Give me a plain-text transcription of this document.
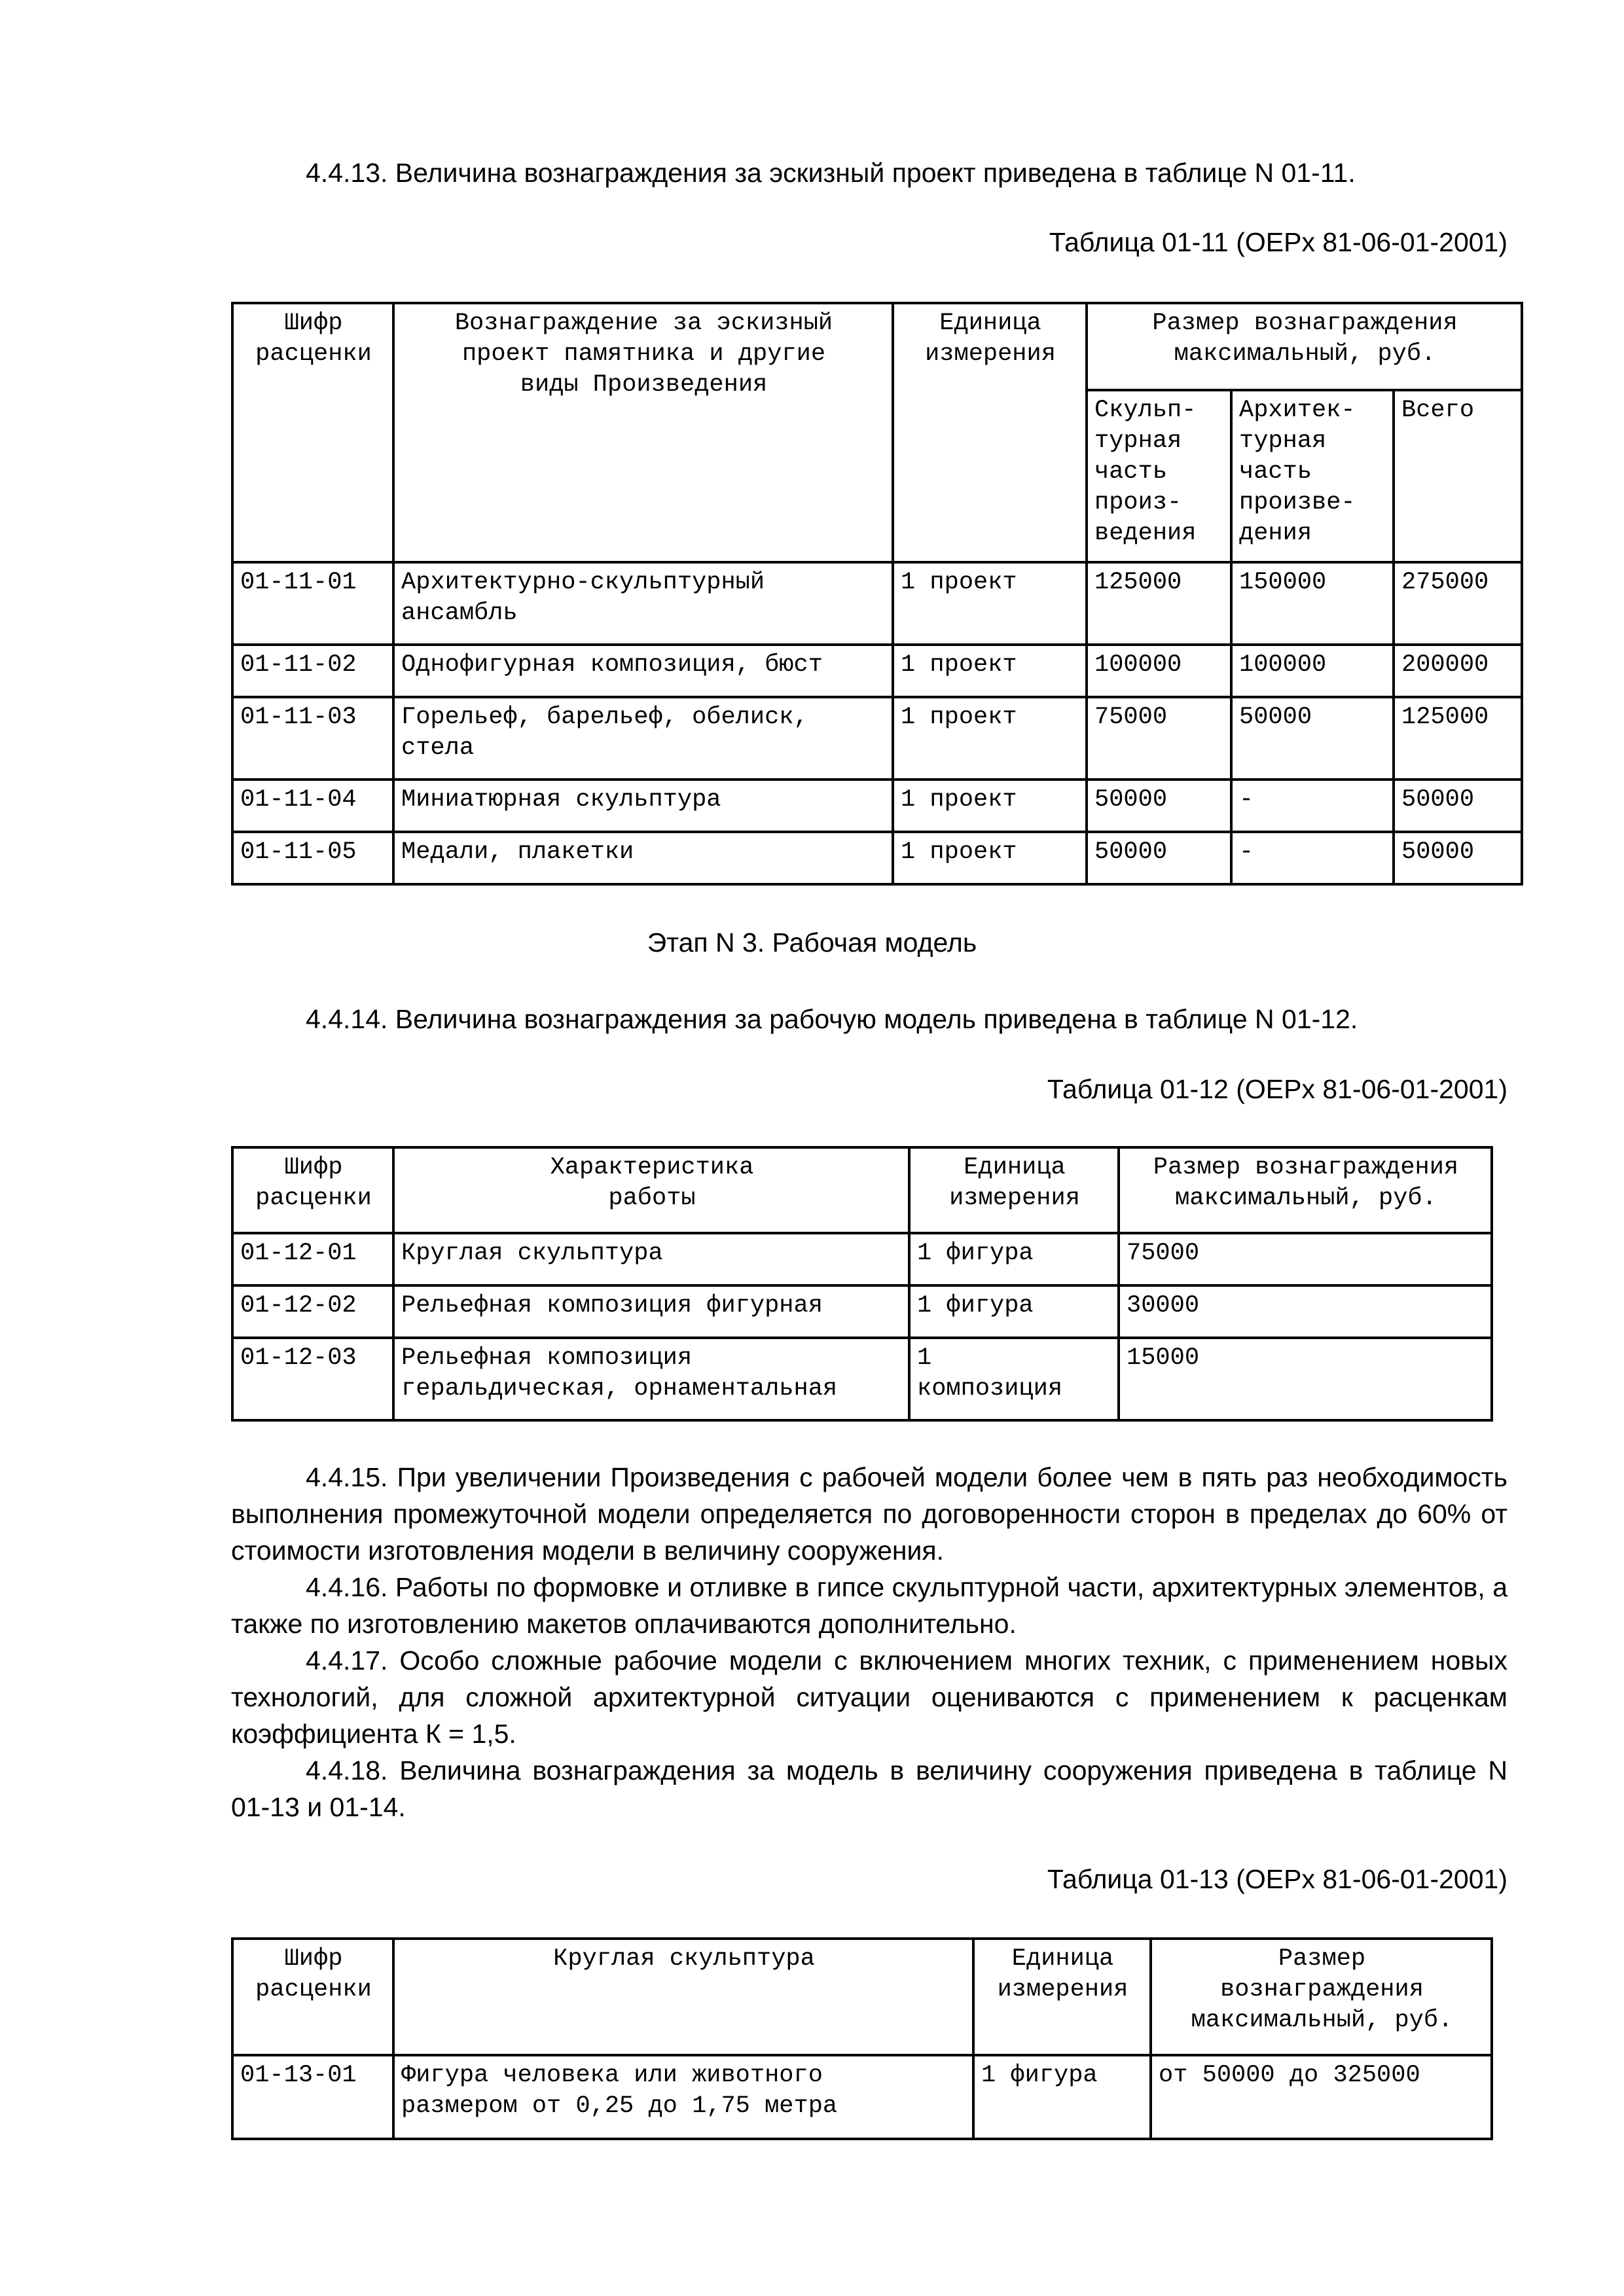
4.4.13. Величина вознаграждения за эскизный проект приведена в таблице N 01-11.

Таблица 01-11 (ОЕРх 81-06-01-2001)

Шифр
расценки	Вознаграждение за эскизный
проект памятника и другие
виды Произведения	Единица
измерения	Размер вознаграждения
максимальный, руб.		
			Скульп-
турная
часть
произ-
ведения	Архитек-
турная
часть
произве-
дения	Всего
01-11-01	Архитектурно-скульптурный
ансамбль	1 проект	125000	150000	275000
01-11-02	Однофигурная композиция, бюст	1 проект	100000	100000	200000
01-11-03	Горельеф, барельеф, обелиск,
стела	1 проект	75000	50000	125000
01-11-04	Миниатюрная скульптура	1 проект	50000	-	50000
01-11-05	Медали, плакетки	1 проект	50000	-	50000

Этап N 3. Рабочая модель

4.4.14. Величина вознаграждения за рабочую модель приведена в таблице N 01-12.

Таблица 01-12 (ОЕРх 81-06-01-2001)

Шифр
расценки	Характеристика
работы	Единица
измерения	Размер вознаграждения
максимальный, руб.
01-12-01	Круглая скульптура	1 фигура	75000
01-12-02	Рельефная композиция фигурная	1 фигура	30000
01-12-03	Рельефная композиция
геральдическая, орнаментальная	1
композиция	15000

4.4.15. При увеличении Произведения с рабочей модели более чем в пять раз необходимость выполнения промежуточной модели определяется по договоренности сторон в пределах до 60% от стоимости изготовления модели в величину сооружения.

4.4.16. Работы по формовке и отливке в гипсе скульптурной части, архитектурных элементов, а также по изготовлению макетов оплачиваются дополнительно.

4.4.17. Особо сложные рабочие модели с включением многих техник, с применением новых технологий, для сложной архитектурной ситуации оцениваются с применением к расценкам коэффициента К = 1,5.

4.4.18. Величина вознаграждения за модель в величину сооружения приведена в таблице N 01-13 и 01-14.

Таблица 01-13 (ОЕРх 81-06-01-2001)

Шифр
расценки	Круглая скульптура	Единица
измерения	Размер
вознаграждения
максимальный, руб.
01-13-01	Фигура человека или животного
размером от 0,25 до 1,75 метра	1 фигура	от 50000 до 325000
